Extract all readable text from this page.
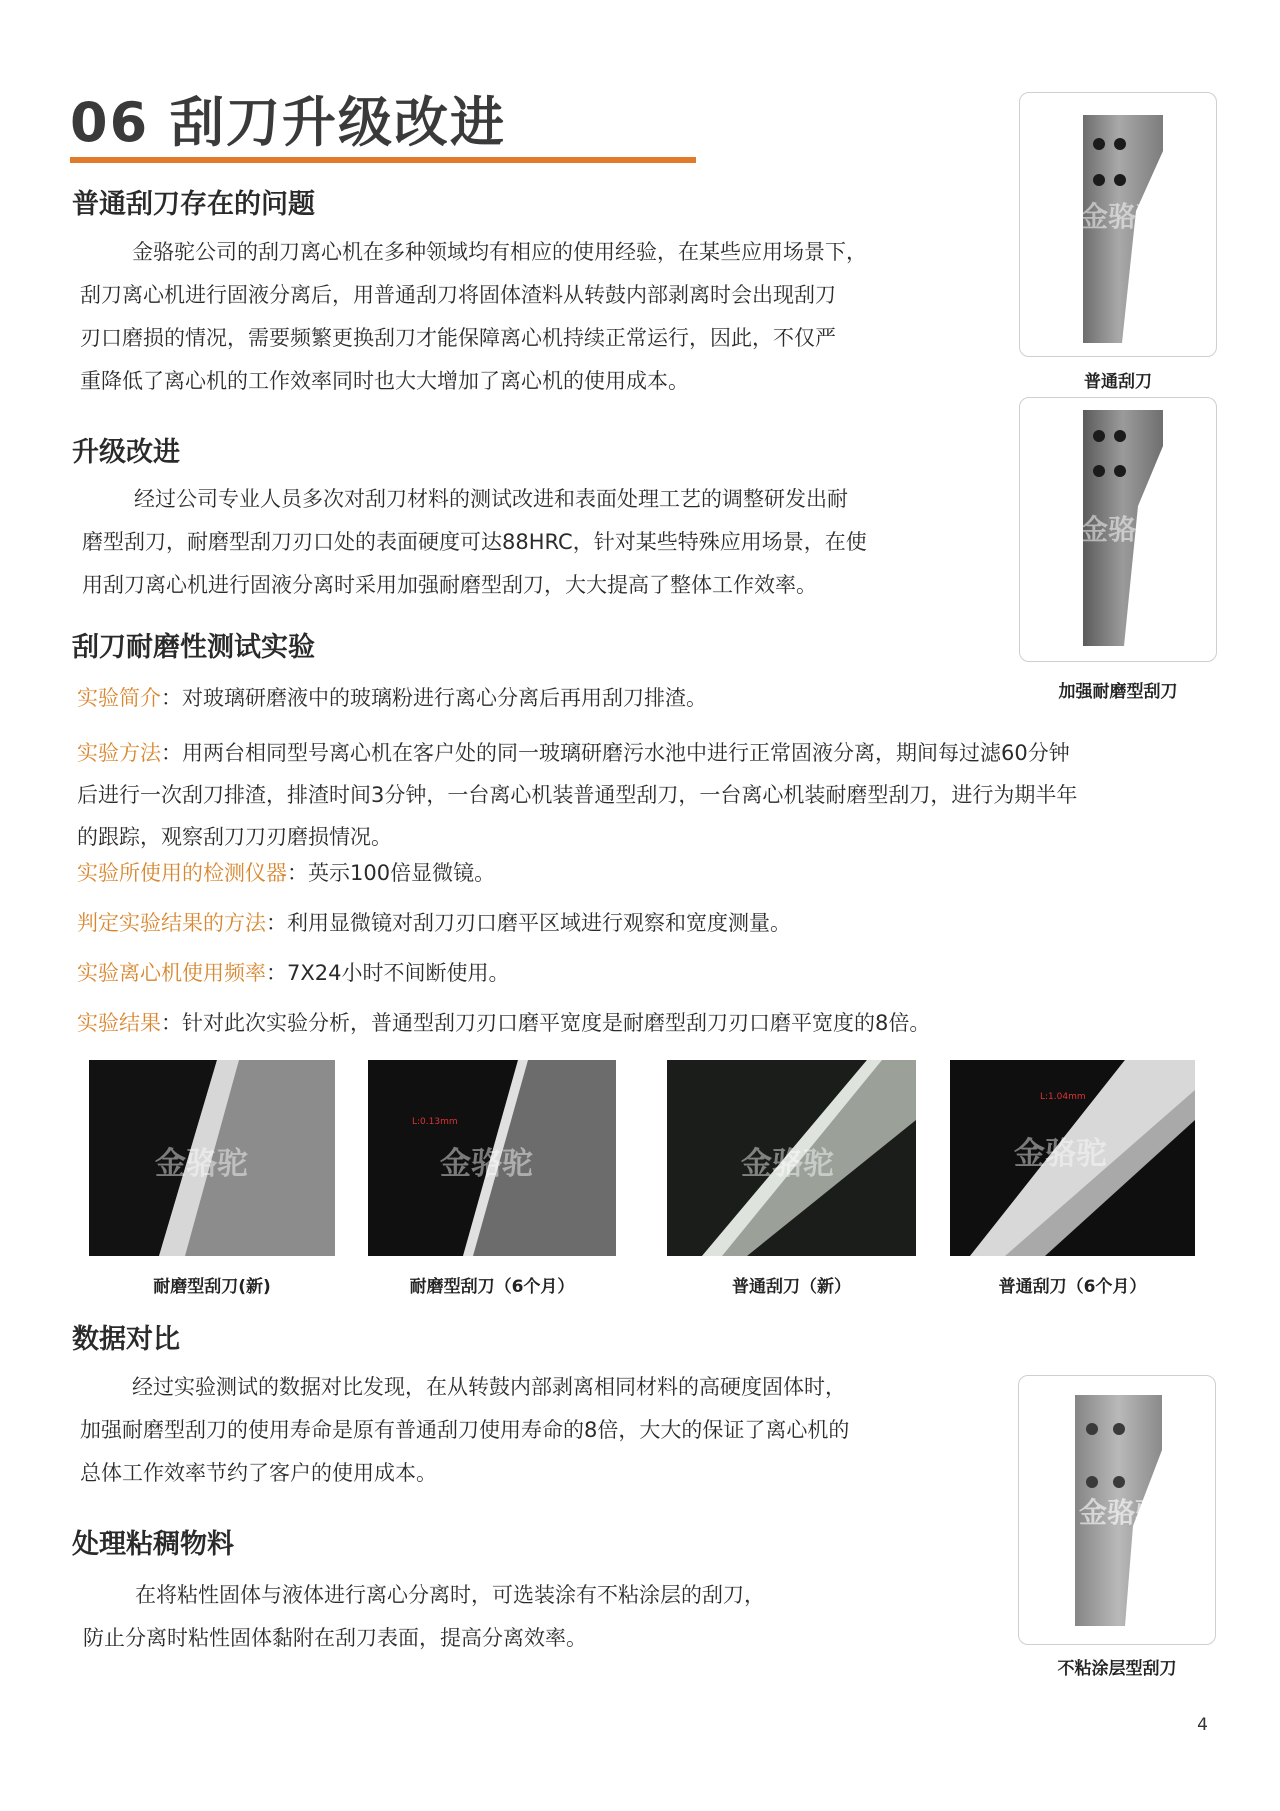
06 刮刀升级改进
普通刮刀存在的问题
金骆驼公司的刮刀离心机在多种领域均有相应的使用经验，在某些应用场景下，
刮刀离心机进行固液分离后，用普通刮刀将固体渣料从转鼓内部剥离时会出现刮刀
刃口磨损的情况，需要频繁更换刮刀才能保障离心机持续正常运行，因此，不仅严
重降低了离心机的工作效率同时也大大增加了离心机的使用成本。
升级改进
经过公司专业人员多次对刮刀材料的测试改进和表面处理工艺的调整研发出耐
磨型刮刀，耐磨型刮刀刃口处的表面硬度可达88HRC，针对某些特殊应用场景，在使
用刮刀离心机进行固液分离时采用加强耐磨型刮刀，大大提高了整体工作效率。
刮刀耐磨性测试实验
实验简介：对玻璃研磨液中的玻璃粉进行离心分离后再用刮刀排渣。
实验方法：用两台相同型号离心机在客户处的同一玻璃研磨污水池中进行正常固液分离，期间每过滤60分钟
后进行一次刮刀排渣，排渣时间3分钟，一台离心机装普通型刮刀，一台离心机装耐磨型刮刀，进行为期半年
的跟踪，观察刮刀刀刃磨损情况。
实验所使用的检测仪器：英示100倍显微镜。
判定实验结果的方法：利用显微镜对刮刀刃口磨平区域进行观察和宽度测量。
实验离心机使用频率：7X24小时不间断使用。
实验结果：针对此次实验分析，普通型刮刀刃口磨平宽度是耐磨型刮刀刃口磨平宽度的8倍。
金骆驼
普通刮刀
金骆驼
加强耐磨型刮刀
金骆驼
L:0.13mm
金骆驼	金骆驼
L:1.04mm
金骆驼
耐磨型刮刀(新)	耐磨型刮刀（6个月）	普通刮刀（新）	普通刮刀（6个月）
数据对比
经过实验测试的数据对比发现，在从转鼓内部剥离相同材料的高硬度固体时，
加强耐磨型刮刀的使用寿命是原有普通刮刀使用寿命的8倍，大大的保证了离心机的
总体工作效率节约了客户的使用成本。
处理粘稠物料
在将粘性固体与液体进行离心分离时，可选装涂有不粘涂层的刮刀，
防止分离时粘性固体黏附在刮刀表面，提高分离效率。
金骆驼
不粘涂层型刮刀
4
